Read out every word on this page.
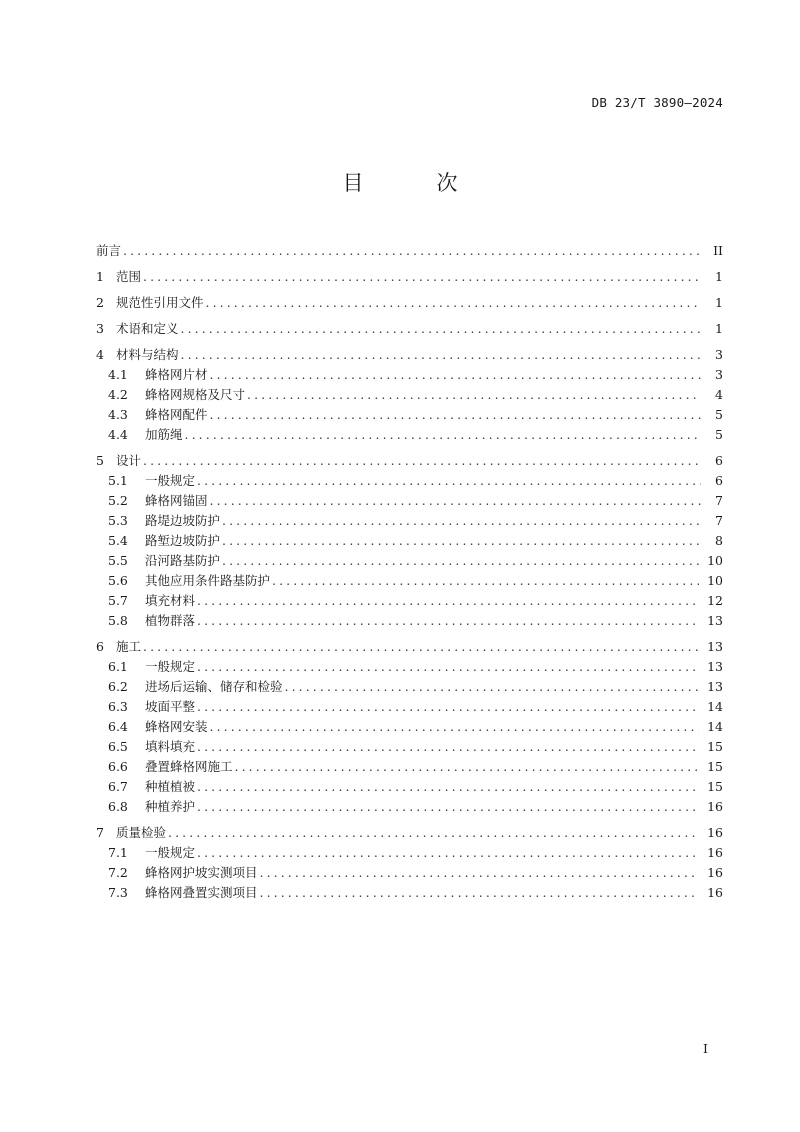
DB 23/T 3890—2024
目　次
前言 .....	II
1 范围 .....	1
2 规范性引用文件 .....	1
3 术语和定义 .....	1
4 材料与结构 .....	3
4.1	蜂格网片材 .....	3
4.2	蜂格网规格及尺寸 .....	4
4.3	蜂格网配件 .....	5
4.4	加筋绳 .....	5
5 设计 .....	6
5.1	一般规定 .....	6
5.2	蜂格网锚固 .....	7
5.3	路堤边坡防护 .....	7
5.4	路堑边坡防护 .....	8
5.5	沿河路基防护 .....	10
5.6	其他应用条件路基防护 .....	10
5.7	填充材料 .....	12
5.8	植物群落 .....	13
6 施工 .....	13
6.1	一般规定 .....	13
6.2	进场后运输、储存和检验 .....	13
6.3	坡面平整 .....	14
6.4	蜂格网安装 .....	14
6.5	填料填充 .....	15
6.6	叠置蜂格网施工 .....	15
6.7	种植植被 .....	15
6.8	种植养护 .....	16
7 质量检验 .....	16
7.1	一般规定 .....	16
7.2	蜂格网护坡实测项目 .....	16
7.3	蜂格网叠置实测项目 .....	16
I
